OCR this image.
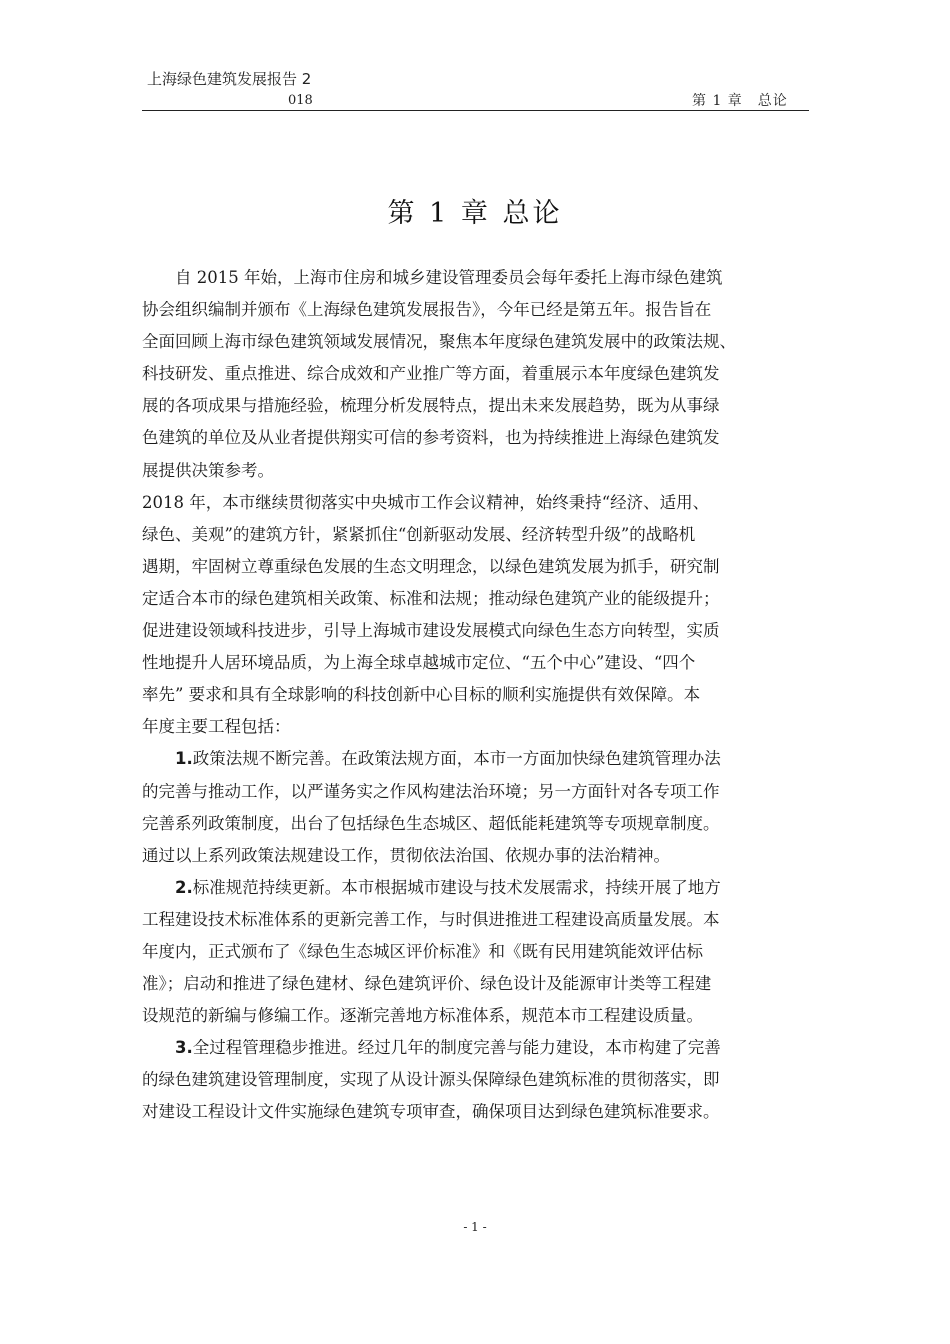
上海绿色建筑发展报告 2
018	第 1 章　总论
第 1 章 总论
　　自 2015 年始，上海市住房和城乡建设管理委员会每年委托上海市绿色建筑
协会组织编制并颁布《上海绿色建筑发展报告》，今年已经是第五年。报告旨在
全面回顾上海市绿色建筑领域发展情况，聚焦本年度绿色建筑发展中的政策法规、
科技研发、重点推进、综合成效和产业推广等方面，着重展示本年度绿色建筑发
展的各项成果与措施经验，梳理分析发展特点，提出未来发展趋势，既为从事绿
色建筑的单位及从业者提供翔实可信的参考资料，也为持续推进上海绿色建筑发
展提供决策参考。
2018 年，本市继续贯彻落实中央城市工作会议精神，始终秉持“经济、适用、
绿色、美观”的建筑方针，紧紧抓住“创新驱动发展、经济转型升级”的战略机
遇期，牢固树立尊重绿色发展的生态文明理念，以绿色建筑发展为抓手，研究制
定适合本市的绿色建筑相关政策、标准和法规；推动绿色建筑产业的能级提升；
促进建设领域科技进步，引导上海城市建设发展模式向绿色生态方向转型，实质
性地提升人居环境品质，为上海全球卓越城市定位、“五个中心”建设、“四个
率先” 要求和具有全球影响的科技创新中心目标的顺利实施提供有效保障。本
年度主要工程包括：
1.政策法规不断完善。在政策法规方面，本市一方面加快绿色建筑管理办法
的完善与推动工作，以严谨务实之作风构建法治环境；另一方面针对各专项工作
完善系列政策制度，出台了包括绿色生态城区、超低能耗建筑等专项规章制度。
通过以上系列政策法规建设工作，贯彻依法治国、依规办事的法治精神。
2.标准规范持续更新。本市根据城市建设与技术发展需求，持续开展了地方
工程建设技术标准体系的更新完善工作，与时俱进推进工程建设高质量发展。本
年度内，正式颁布了《绿色生态城区评价标准》和《既有民用建筑能效评估标
准》；启动和推进了绿色建材、绿色建筑评价、绿色设计及能源审计类等工程建
设规范的新编与修编工作。逐渐完善地方标准体系，规范本市工程建设质量。
3.全过程管理稳步推进。经过几年的制度完善与能力建设，本市构建了完善
的绿色建筑建设管理制度，实现了从设计源头保障绿色建筑标准的贯彻落实，即
对建设工程设计文件实施绿色建筑专项审查，确保项目达到绿色建筑标准要求。
- 1 -
